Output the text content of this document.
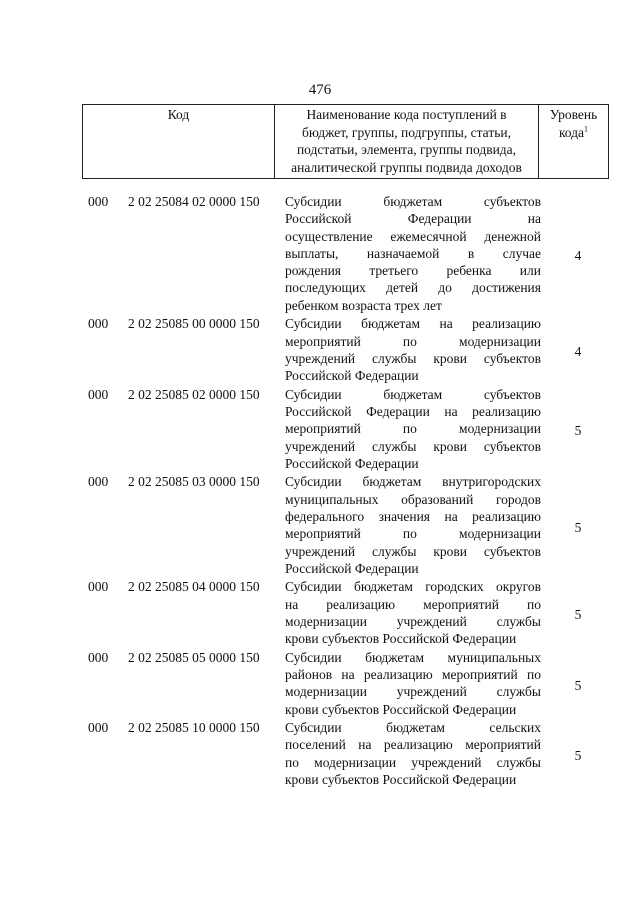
476
Код	Наименование кода поступлений в
бюджет, группы, подгруппы, статьи,
подстатьи, элемента, группы подвида,
аналитической группы подвида доходов

Уровень
кода$^1$
000	2 02 25084 02 0000 150	Субсидии бюджетам субъектов
Российской Федерации на
осуществление ежемесячной денежной
выплаты, назначаемой в случае
рождения третьего ребенка или
последующих детей до достижения
ребенком возраста трех лет
4
000	2 02 25085 00 0000 150	Субсидии бюджетам на реализацию
мероприятий по модернизации
учреждений службы крови субъектов
Российской Федерации
4
000	2 02 25085 02 0000 150	Субсидии бюджетам субъектов
Российской Федерации на реализацию
мероприятий по модернизации
учреждений службы крови субъектов
Российской Федерации
5
000	2 02 25085 03 0000 150	Субсидии бюджетам внутригородских
муниципальных образований городов
федерального значения на реализацию
мероприятий по модернизации
учреждений службы крови субъектов
Российской Федерации
5
000	2 02 25085 04 0000 150	Субсидии бюджетам городских округов
на реализацию мероприятий по
модернизации учреждений службы
крови субъектов Российской Федерации
5
000	2 02 25085 05 0000 150	Субсидии бюджетам муниципальных
районов на реализацию мероприятий по
модернизации учреждений службы
крови субъектов Российской Федерации
5
000	2 02 25085 10 0000 150	Субсидии бюджетам сельских
поселений на реализацию мероприятий
по модернизации учреждений службы
крови субъектов Российской Федерации
5
